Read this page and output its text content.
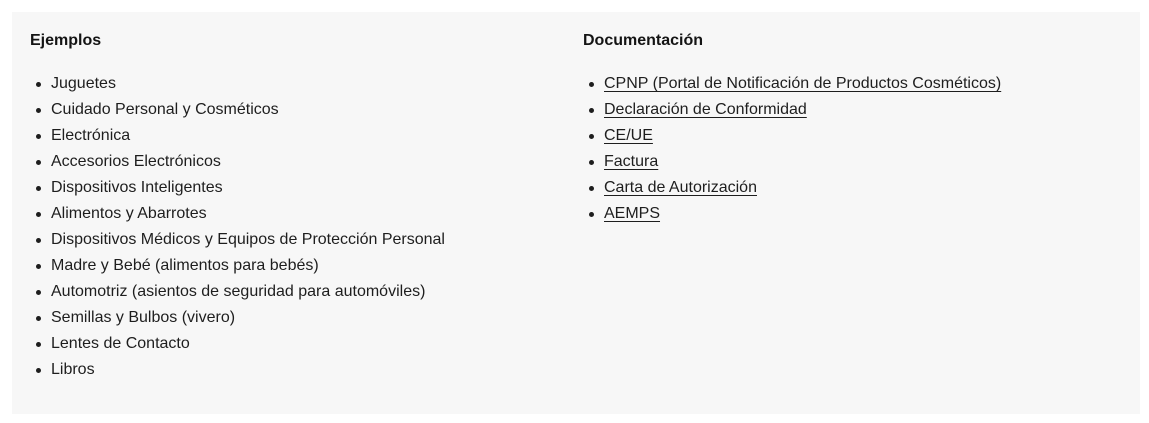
Ejemplos
Juguetes
Cuidado Personal y Cosméticos
Electrónica
Accesorios Electrónicos
Dispositivos Inteligentes
Alimentos y Abarrotes
Dispositivos Médicos y Equipos de Protección Personal
Madre y Bebé (alimentos para bebés)
Automotriz (asientos de seguridad para automóviles)
Semillas y Bulbos (vivero)
Lentes de Contacto
Libros
Documentación
CPNP (Portal de Notificación de Productos Cosméticos)
Declaración de Conformidad
CE/UE
Factura
Carta de Autorización
AEMPS
